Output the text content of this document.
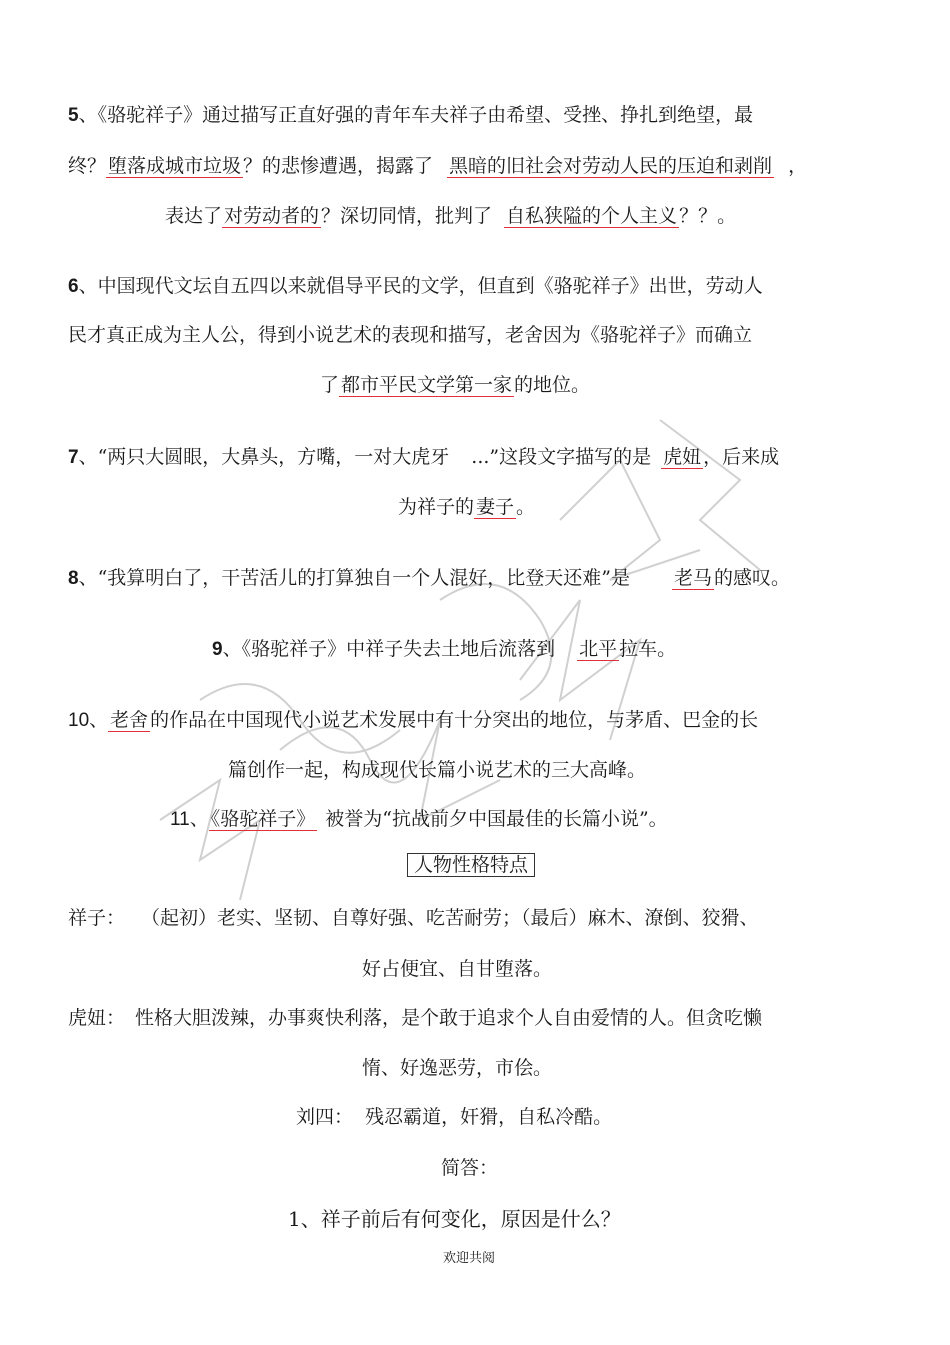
5、《骆驼祥子》通过描写正直好强的青年车夫祥子由希望、受挫、挣扎到绝望，最
终？ 堕落成城市垃圾 ？的悲惨遭遇，揭露了 黑暗的旧社会对劳动人民的压迫和剥削 ，
表达了 对劳动者的 ？深切同情，批判了 自私狭隘的个人主义 ？？。
6、中国现代文坛自五四以来就倡导平民的文学，但直到《骆驼祥子》出世，劳动人
民才真正成为主人公，得到小说艺术的表现和描写，老舍因为《骆驼祥子》而确立
了 都市平民文学第一家 的地位。
7、“两只大圆眼，大鼻头，方嘴，一对大虎牙 ...”这段文字描写的是 虎妞 ，后来成
为祥子的 妻子 。
8、“我算明白了，干苦活儿的打算独自一个人混好，比登天还难”是 老马 的感叹。
9、《骆驼祥子》中祥子失去土地后流落到 北平 拉车。
10、 老舍 的作品在中国现代小说艺术发展中有十分突出的地位，与茅盾、巴金的长
篇创作一起，构成现代长篇小说艺术的三大高峰。
11、 《骆驼祥子》 被誉为“抗战前夕中国最佳的长篇小说”。
人物性格特点
祥子： （起初）老实、坚韧、自尊好强、吃苦耐劳；（最后）麻木、潦倒、狡猾、
好占便宜、自甘堕落。
虎妞： 性格大胆泼辣，办事爽快利落，是个敢于追求个人自由爱情的人。但贪吃懒
惰、好逸恶劳，市侩。
刘四：  残忍霸道，奸猾，自私冷酷。
简答：
1、祥子前后有何变化，原因是什么？
欢迎共阅
